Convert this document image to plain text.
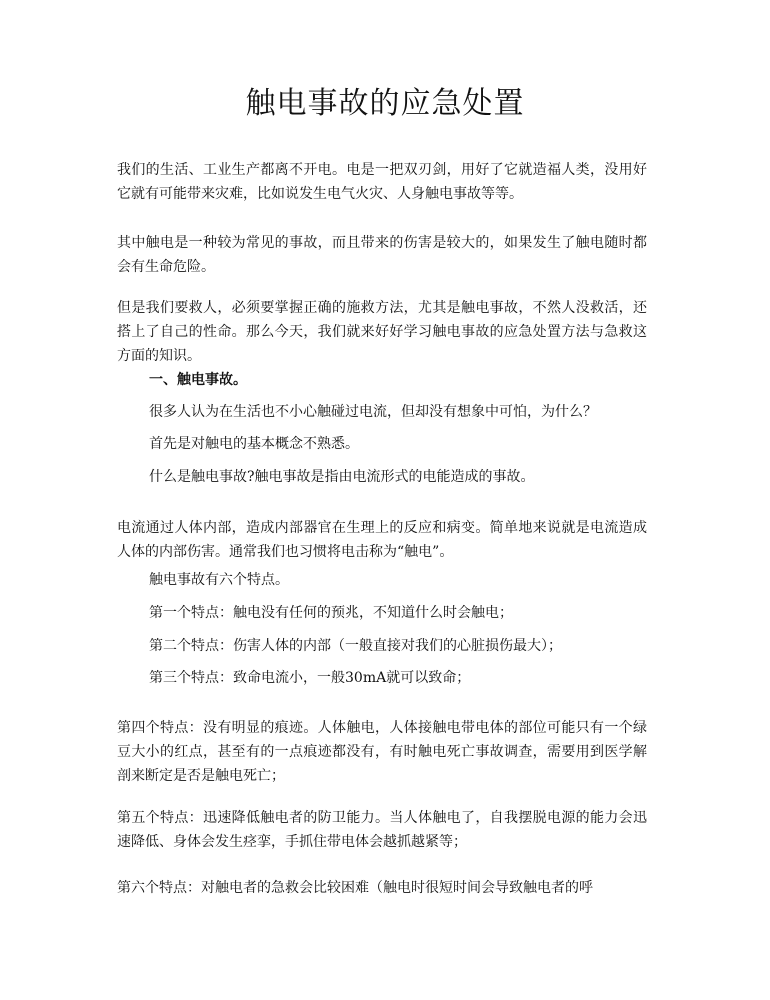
触电事故的应急处置

我们的生活、工业生产都离不开电。电是一把双刃剑，用好了它就造福人类，没用好它就有可能带来灾难，比如说发生电气火灾、人身触电事故等等。

其中触电是一种较为常见的事故，而且带来的伤害是较大的，如果发生了触电随时都会有生命危险。

但是我们要救人，必须要掌握正确的施救方法，尤其是触电事故，不然人没救活，还搭上了自己的性命。那么今天，我们就来好好学习触电事故的应急处置方法与急救这方面的知识。

一、触电事故。

很多人认为在生活也不小心触碰过电流，但却没有想象中可怕，为什么？

首先是对触电的基本概念不熟悉。

什么是触电事故?触电事故是指由电流形式的电能造成的事故。

电流通过人体内部，造成内部器官在生理上的反应和病变。简单地来说就是电流造成人体的内部伤害。通常我们也习惯将电击称为“触电”。

触电事故有六个特点。

第一个特点：触电没有任何的预兆，不知道什么时会触电；

第二个特点：伤害人体的内部（一般直接对我们的心脏损伤最大）；

第三个特点：致命电流小，一般30mA就可以致命；

第四个特点：没有明显的痕迹。人体触电，人体接触电带电体的部位可能只有一个绿豆大小的红点，甚至有的一点痕迹都没有，有时触电死亡事故调查，需要用到医学解剖来断定是否是触电死亡；

第五个特点：迅速降低触电者的防卫能力。当人体触电了，自我摆脱电源的能力会迅速降低、身体会发生痉挛，手抓住带电体会越抓越紧等；

第六个特点：对触电者的急救会比较困难（触电时很短时间会导致触电者的呼
